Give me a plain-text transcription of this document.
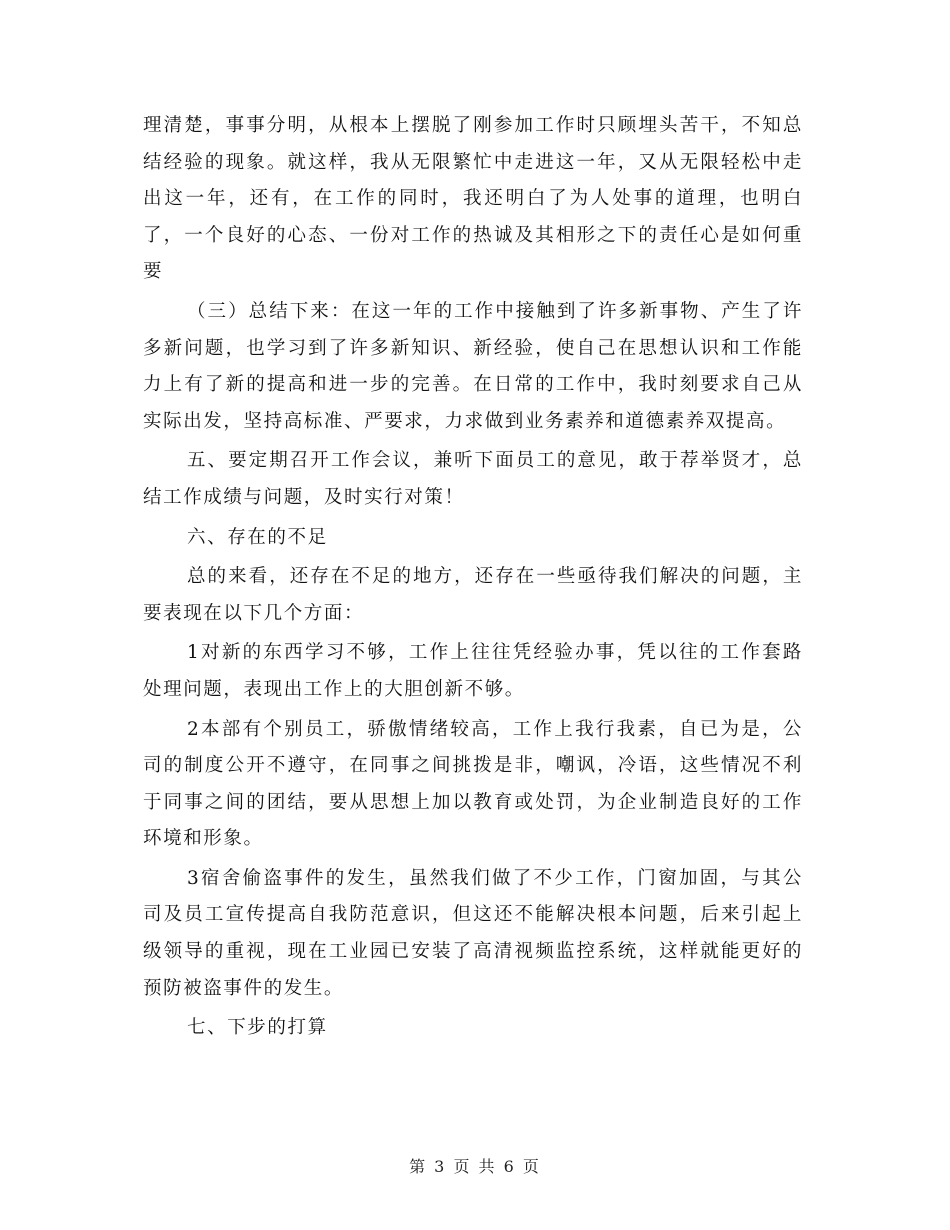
理清楚，事事分明，从根本上摆脱了刚参加工作时只顾埋头苦干，不知总结经验的现象。就这样，我从无限繁忙中走进这一年，又从无限轻松中走出这一年，还有，在工作的同时，我还明白了为人处事的道理，也明白了，一个良好的心态、一份对工作的热诚及其相形之下的责任心是如何重要

（三）总结下来：在这一年的工作中接触到了许多新事物、产生了许多新问题，也学习到了许多新知识、新经验，使自己在思想认识和工作能力上有了新的提高和进一步的完善。在日常的工作中，我时刻要求自己从实际出发，坚持高标准、严要求，力求做到业务素养和道德素养双提高。

五、要定期召开工作会议，兼听下面员工的意见，敢于荐举贤才，总结工作成绩与问题，及时实行对策！

六、存在的不足

总的来看，还存在不足的地方，还存在一些亟待我们解决的问题，主要表现在以下几个方面：

1对新的东西学习不够，工作上往往凭经验办事，凭以往的工作套路处理问题，表现出工作上的大胆创新不够。

2本部有个别员工，骄傲情绪较高，工作上我行我素，自已为是，公司的制度公开不遵守，在同事之间挑拨是非，嘲讽，冷语，这些情况不利于同事之间的团结，要从思想上加以教育或处罚，为企业制造良好的工作环境和形象。

3宿舍偷盗事件的发生，虽然我们做了不少工作，门窗加固，与其公司及员工宣传提高自我防范意识，但这还不能解决根本问题，后来引起上级领导的重视，现在工业园已安装了高清视频监控系统，这样就能更好的预防被盗事件的发生。

七、下步的打算

第 3 页 共 6 页
